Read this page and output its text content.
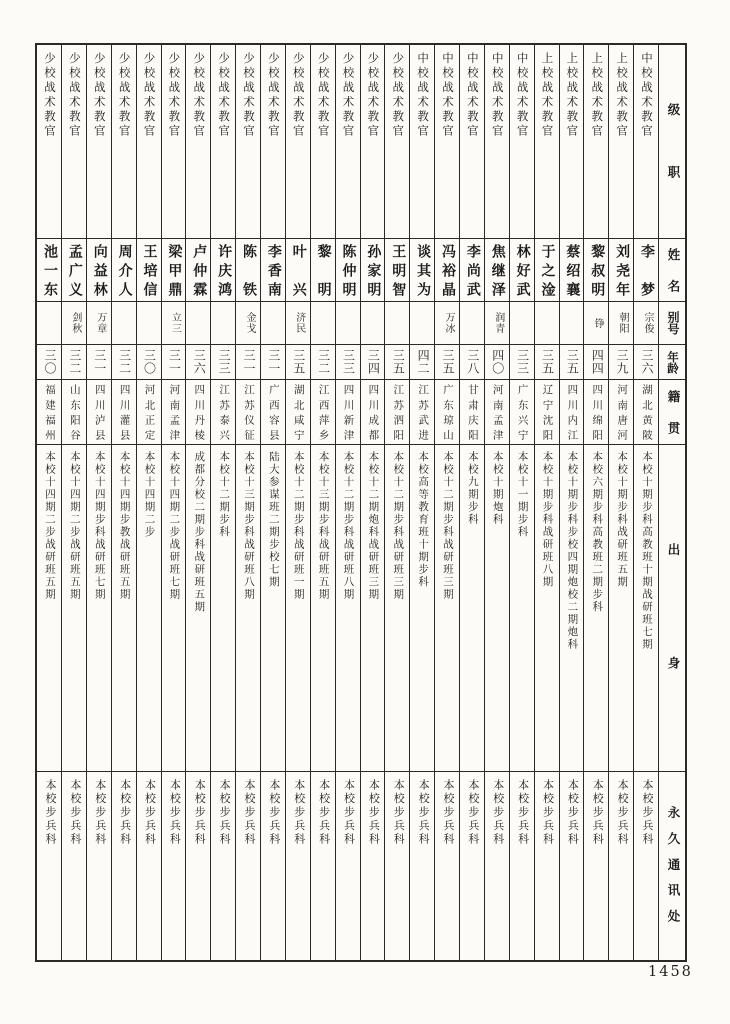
级职
姓名
别号
年龄
籍贯
出身
永久通讯处
中校战术教官
李梦
宗俊
三六
湖北黄陂
本校十期步科高教班十期战研班七期
本校步兵科
上校战术教官
刘尧年
朝阳
三九
河南唐河
本校十期步科战研班五期
本校步兵科
上校战术教官
黎叔明
铮
四四
四川绵阳
本校六期步科高教班二期步科
本校步兵科
上校战术教官
蔡绍襄
三五
四川内江
本校十期步科步校四期炮校二期炮科
本校步兵科
上校战术教官
于之淦
三五
辽宁沈阳
本校十期步科战研班八期
本校步兵科
中校战术教官
林好武
三三
广东兴宁
本校十一期步科
本校步兵科
中校战术教官
焦继泽
润青
四〇
河南孟津
本校十期炮科
本校步兵科
中校战术教官
李尚武
三八
甘肃庆阳
本校九期步科
本校步兵科
中校战术教官
冯裕晶
万冰
三五
广东琼山
本校十二期步科战研班三期
本校步兵科
中校战术教官
谈其为
四二
江苏武进
本校高等教育班十期步科
本校步兵科
少校战术教官
王明智
三五
江苏泗阳
本校十二期步科战研班三期
本校步兵科
少校战术教官
孙家明
三四
四川成都
本校十二期炮科战研班三期
本校步兵科
少校战术教官
陈仲明
三三
四川新津
本校十二期步科战研班八期
本校步兵科
少校战术教官
黎明
三二
江西萍乡
本校十三期步科战研班五期
本校步兵科
少校战术教官
叶兴
济民
三五
湖北咸宁
本校十二期步科战研班一期
本校步兵科
少校战术教官
李香南
三一
广西容县
陆大参谋班二期步校七期
本校步兵科
少校战术教官
陈铁
金戈
三一
江苏仪征
本校十三期步科战研班八期
本校步兵科
少校战术教官
许庆鸿
三三
江苏泰兴
本校十二期步科
本校步兵科
少校战术教官
卢仲霖
三六
四川丹棱
成都分校二期步科战研班五期
本校步兵科
少校战术教官
梁甲鼎
立三
三一
河南孟津
本校十四期二步战研班七期
本校步兵科
少校战术教官
王培信
三〇
河北正定
本校十四期二步
本校步兵科
少校战术教官
周介人
三二
四川灌县
本校十四期步教战研班五期
本校步兵科
少校战术教官
向益林
万章
三一
四川泸县
本校十四期步科战研班七期
本校步兵科
少校战术教官
孟广义
剑秋
三二
山东阳谷
本校十四期二步战研班五期
本校步兵科
少校战术教官
池一东
三〇
福建福州
本校十四期二步战研班五期
本校步兵科
1458
